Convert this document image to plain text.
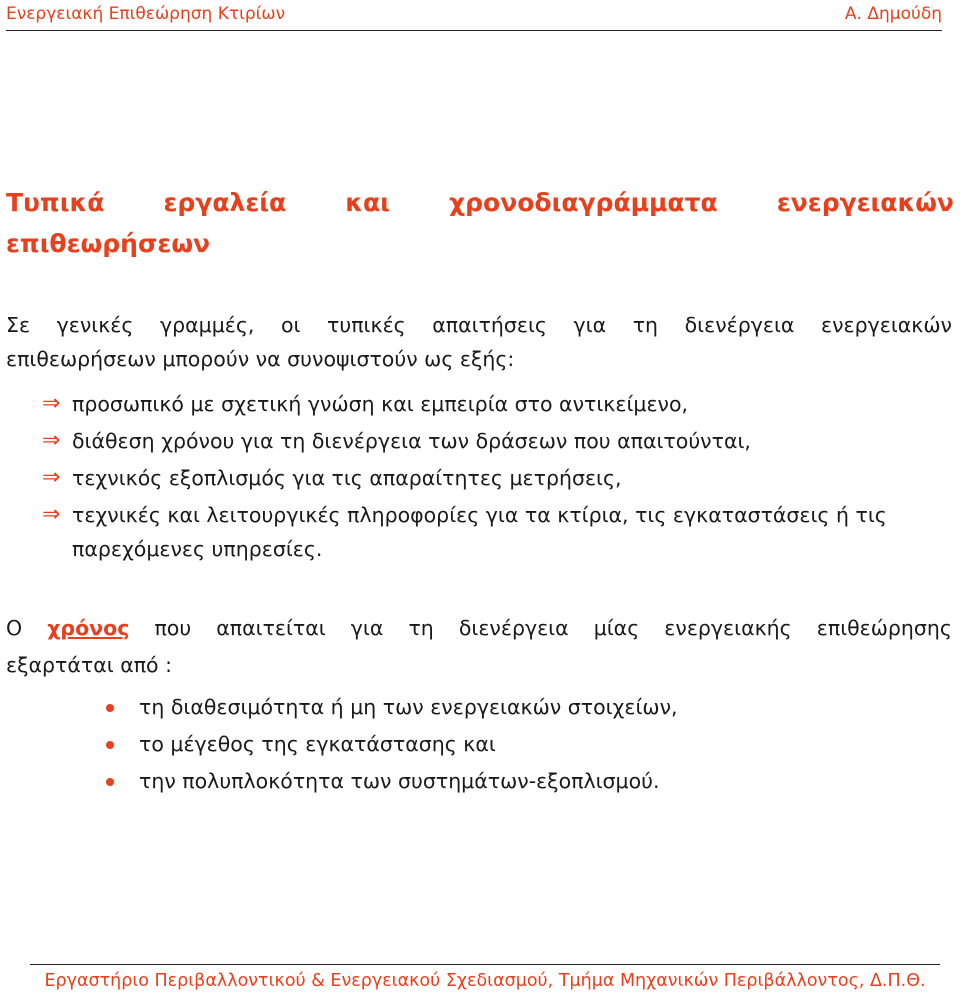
Ενεργειακή Επιθεώρηση Κτιρίων	Α. Δημούδη
Τυπικά εργαλεία και χρονοδιαγράμματα ενεργειακών
επιθεωρήσεων
Σε γενικές γραμμές, οι τυπικές απαιτήσεις για τη διενέργεια ενεργειακών
επιθεωρήσεων μπορούν να συνοψιστούν ως εξής:
⇒ προσωπικό με σχετική γνώση και εμπειρία στο αντικείμενο,
⇒ διάθεση χρόνου για τη διενέργεια των δράσεων που απαιτούνται,
⇒ τεχνικός εξοπλισμός για τις απαραίτητες μετρήσεις,
⇒ τεχνικές και λειτουργικές πληροφορίες για τα κτίρια, τις εγκαταστάσεις ή τις παρεχόμενες υπηρεσίες.
Ο χρόνος που απαιτείται για τη διενέργεια μίας ενεργειακής επιθεώρησης
εξαρτάται από :
τη διαθεσιμότητα ή μη των ενεργειακών στοιχείων,
το μέγεθος της εγκατάστασης και
την πολυπλοκότητα των συστημάτων-εξοπλισμού.
Εργαστήριο Περιβαλλοντικού & Ενεργειακού Σχεδιασμού, Τμήμα Μηχανικών Περιβάλλοντος, Δ.Π.Θ.
